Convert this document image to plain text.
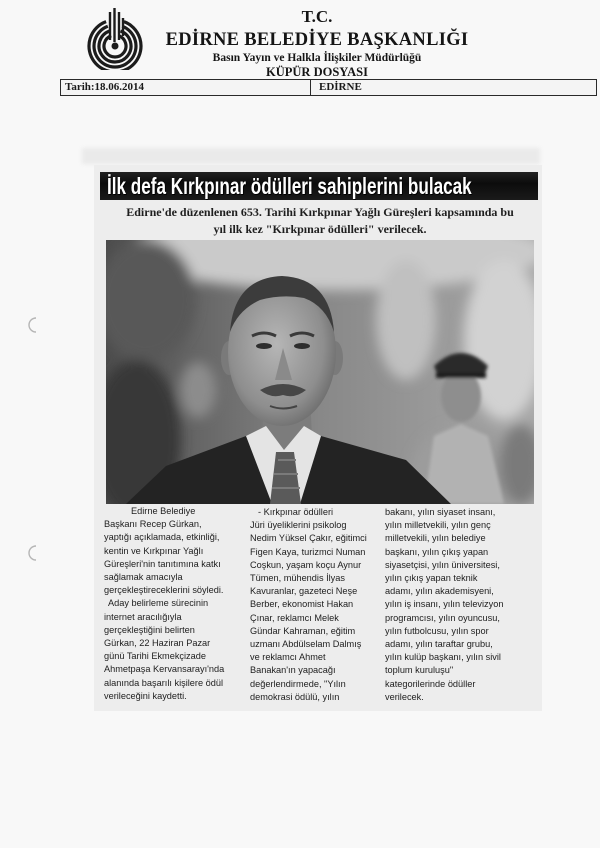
T.C.
EDİRNE BELEDİYE BAŞKANLIĞI
Basın Yayın ve Halkla İlişkiler Müdürlüğü
KÜPÜR DOSYASI
Tarih:18.06.2014	EDİRNE
İlk defa Kırkpınar ödülleri sahiplerini bulacak
Edirne'de düzenlenen 653. Tarihi Kırkpınar Yağlı Güreşleri kapsamında bu
yıl ilk kez "Kırkpınar ödülleri" verilecek.
Edirne Belediye
Başkanı Recep Gürkan,
yaptığı açıklamada, etkinliği,
kentin ve Kırkpınar Yağlı
Güreşleri'nin tanıtımına katkı
sağlamak amacıyla
gerçekleştireceklerini söyledi.
Aday belirleme sürecinin
internet aracılığıyla
gerçekleştiğini belirten
Gürkan, 22 Haziran Pazar
günü Tarihi Ekmekçizade
Ahmetpaşa Kervansarayı'nda
alanında başarılı kişilere ödül
verileceğini kaydetti.
- Kırkpınar ödülleri
Jüri üyeliklerini psikolog
Nedim Yüksel Çakır, eğitimci
Figen Kaya, turizmci Numan
Coşkun, yaşam koçu Aynur
Tümen, mühendis İlyas
Kavuranlar, gazeteci Neşe
Berber, ekonomist Hakan
Çınar, reklamcı Melek
Gündar Kahraman, eğitim
uzmanı Abdülselam Dalmış
ve reklamcı Ahmet
Banakan'ın yapacağı
değerlendirmede, "Yılın
demokrasi ödülü, yılın
bakanı, yılın siyaset insanı,
yılın milletvekili, yılın genç
milletvekili, yılın belediye
başkanı, yılın çıkış yapan
siyasetçisi, yılın üniversitesi,
yılın çıkış yapan teknik
adamı, yılın akademisyeni,
yılın iş insanı, yılın televizyon
programcısı, yılın oyuncusu,
yılın futbolcusu, yılın spor
adamı, yılın taraftar grubu,
yılın kulüp başkanı, yılın sivil
toplum kuruluşu"
kategorilerinde ödüller
verilecek.
